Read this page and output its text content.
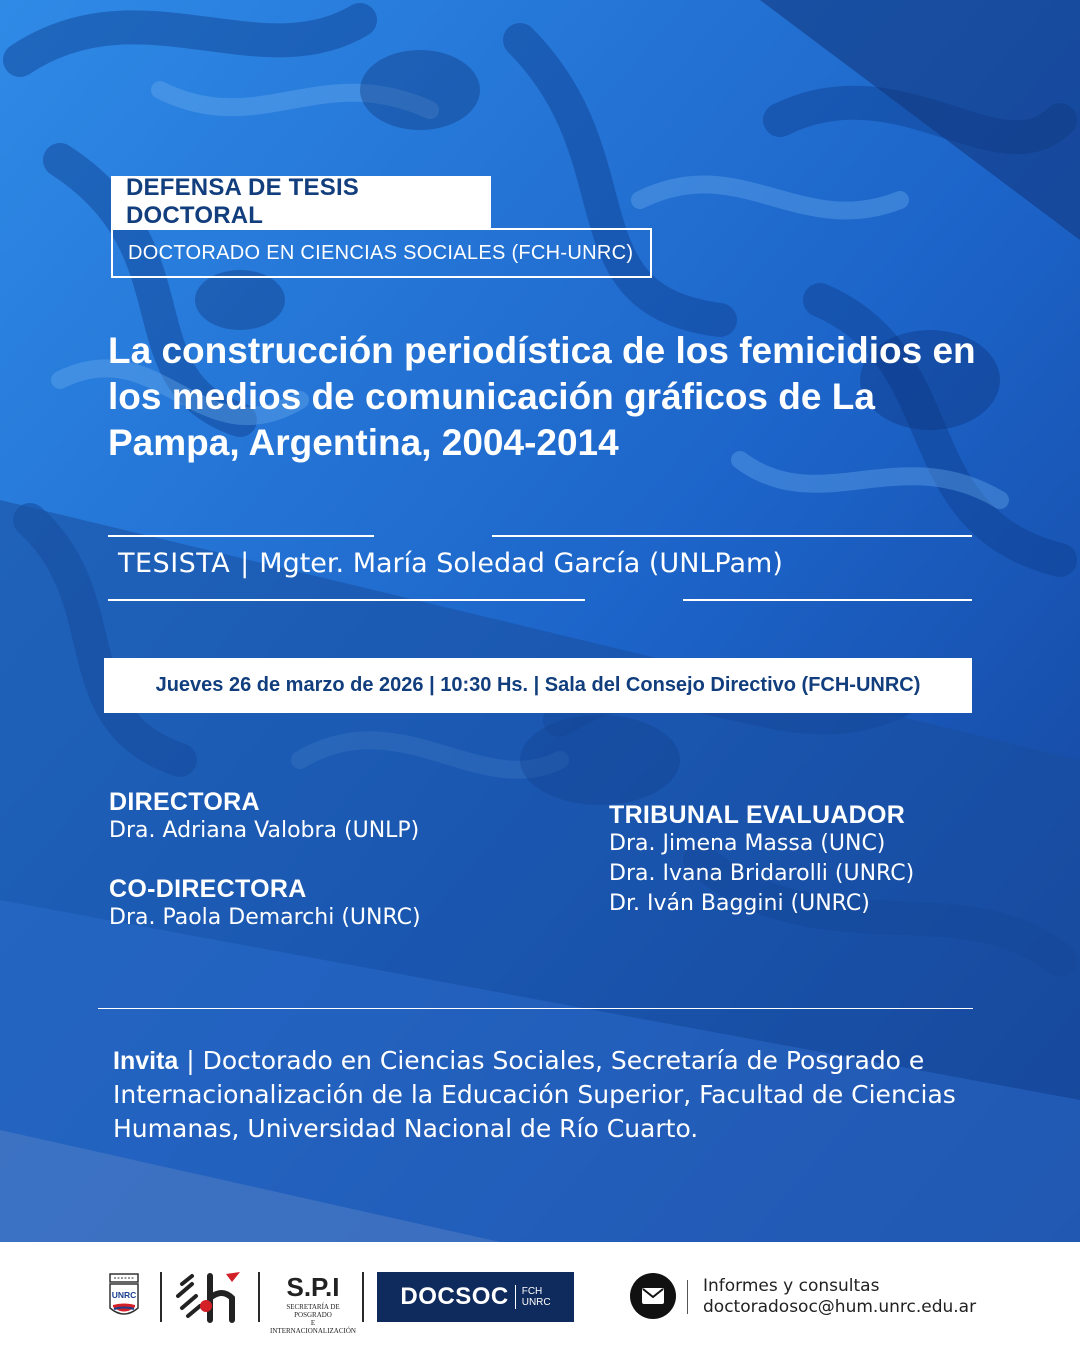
DEFENSA DE TESIS DOCTORAL
DOCTORADO EN CIENCIAS SOCIALES (FCH-UNRC)
La construcción periodística de los femicidios en los medios de comunicación gráficos de La Pampa, Argentina, 2004-2014
TESISTA | Mgter. María Soledad García (UNLPam)
Jueves 26 de marzo de 2026 | 10:30 Hs. | Sala del Consejo Directivo (FCH-UNRC)
DIRECTORA

Dra. Adriana Valobra (UNLP)

CO-DIRECTORA

Dra. Paola Demarchi (UNRC)

TRIBUNAL EVALUADOR

Dra. Jimena Massa (UNC)

Dra. Ivana Bridarolli (UNRC)

Dr. Iván Baggini (UNRC)

Invita | Doctorado en Ciencias Sociales, Secretaría de Posgrado e Internacionalización de la Educación Superior, Facultad de Ciencias Humanas, Universidad Nacional de Río Cuarto.
UNRC	S.P.I
SECRETARÍA DE POSGRADO
E INTERNACIONALIZACIÓN
DOCSOC FCH
UNRC
Informes y consultas
doctoradosoc@hum.unrc.edu.ar
